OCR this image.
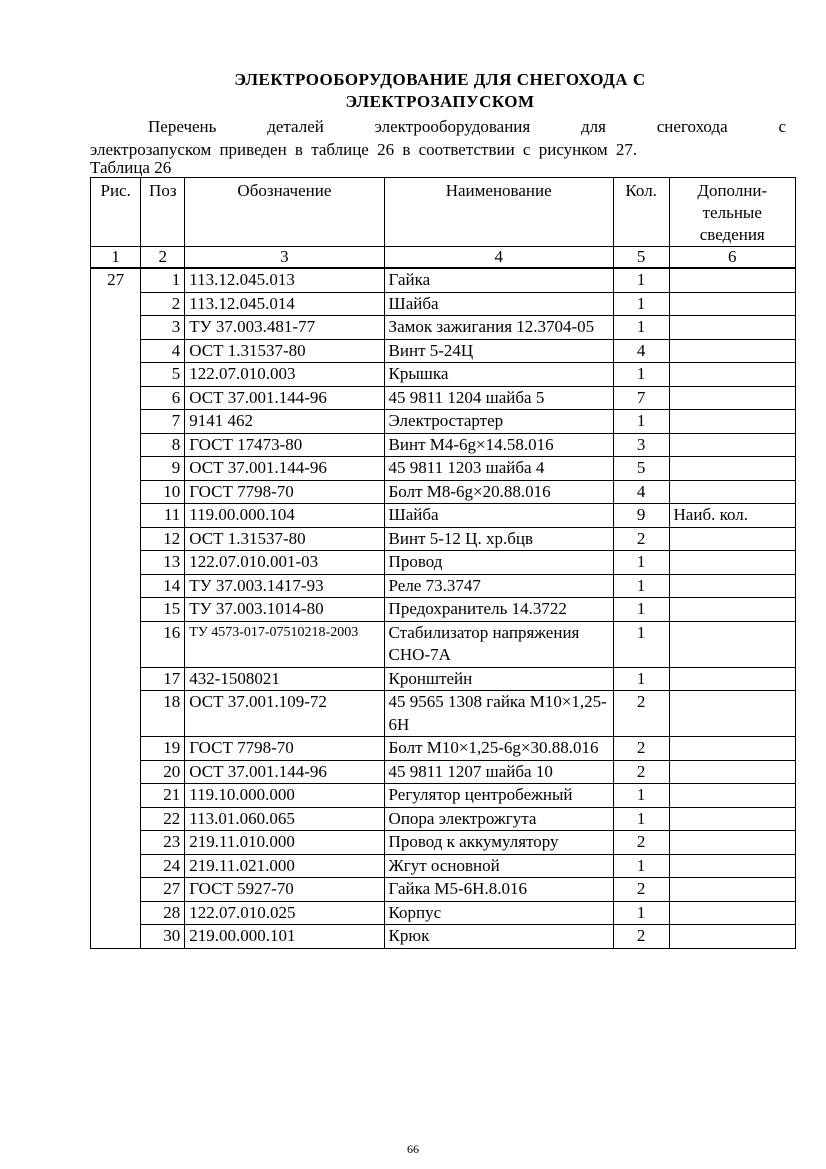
ЭЛЕКТРООБОРУДОВАНИЕ ДЛЯ СНЕГОХОДА С
ЭЛЕКТРОЗАПУСКОМ
Перечень деталей электрооборудования для снегохода с
электрозапуском приведен в таблице 26 в соответствии с рисунком 27.
Таблица 26
Рис.	Поз	Обозначение	Наименование	Кол.	Дополни-тельные сведения
1	2	3	4	5	6
27	1	113.12.045.013	Гайка	1	
	2	113.12.045.014	Шайба	1	
	3	ТУ 37.003.481-77	Замок зажигания 12.3704-05	1	
	4	ОСТ 1.31537-80	Винт 5-24Ц	4	
	5	122.07.010.003	Крышка	1	
	6	ОСТ 37.001.144-96	45 9811 1204 шайба 5	7	
	7	9141 462	Электростартер	1	
	8	ГОСТ 17473-80	Винт М4-6g×14.58.016	3	
	9	ОСТ 37.001.144-96	45 9811 1203 шайба 4	5	
	10	ГОСТ 7798-70	Болт М8-6g×20.88.016	4	
	11	119.00.000.104	Шайба	9	Наиб. кол.
	12	ОСТ 1.31537-80	Винт 5-12 Ц. хр.бцв	2	
	13	122.07.010.001-03	Провод	1	
	14	ТУ 37.003.1417-93	Реле 73.3747	1	
	15	ТУ 37.003.1014-80	Предохранитель 14.3722	1	
	16	ТУ 4573-017-07510218-2003	Стабилизатор напряжения СНО-7А	1	
	17	432-1508021	Кронштейн	1	
	18	ОСТ 37.001.109-72	45 9565 1308 гайка М10×1,25-6Н	2	
	19	ГОСТ 7798-70	Болт М10×1,25-6g×30.88.016	2	
	20	ОСТ 37.001.144-96	45 9811 1207 шайба 10	2	
	21	119.10.000.000	Регулятор центробежный	1	
	22	113.01.060.065	Опора электрожгута	1	
	23	219.11.010.000	Провод к аккумулятору	2	
	24	219.11.021.000	Жгут основной	1	
	27	ГОСТ 5927-70	Гайка М5-6Н.8.016	2	
	28	122.07.010.025	Корпус	1	
	30	219.00.000.101	Крюк	2	
66
